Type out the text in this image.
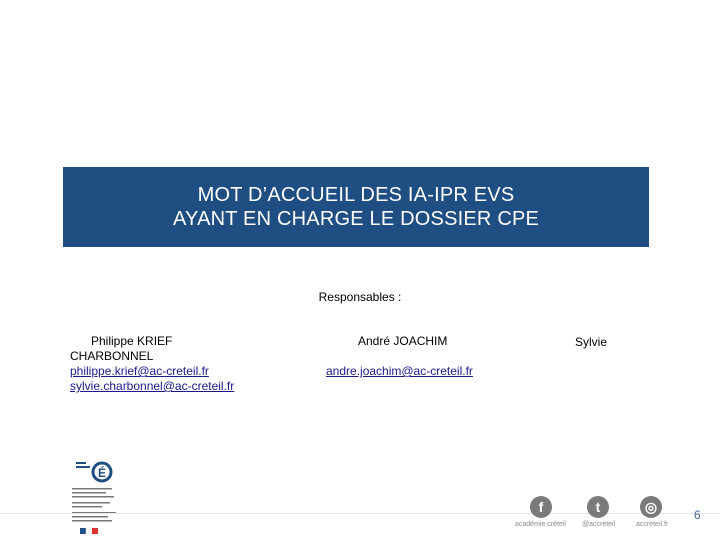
MOT D’ACCUEIL DES IA-IPR EVS
AYANT EN CHARGE LE DOSSIER CPE
Responsables :
Philippe KRIEF	André JOACHIM	Sylvie
CHARBONNEL
philippe.krief@ac-creteil.fr	andre.joachim@ac-creteil.fr
sylvie.charbonnel@ac-creteil.fr
É
f
académie créteil
t
@accreteil
◎
accreteil.fr
6
